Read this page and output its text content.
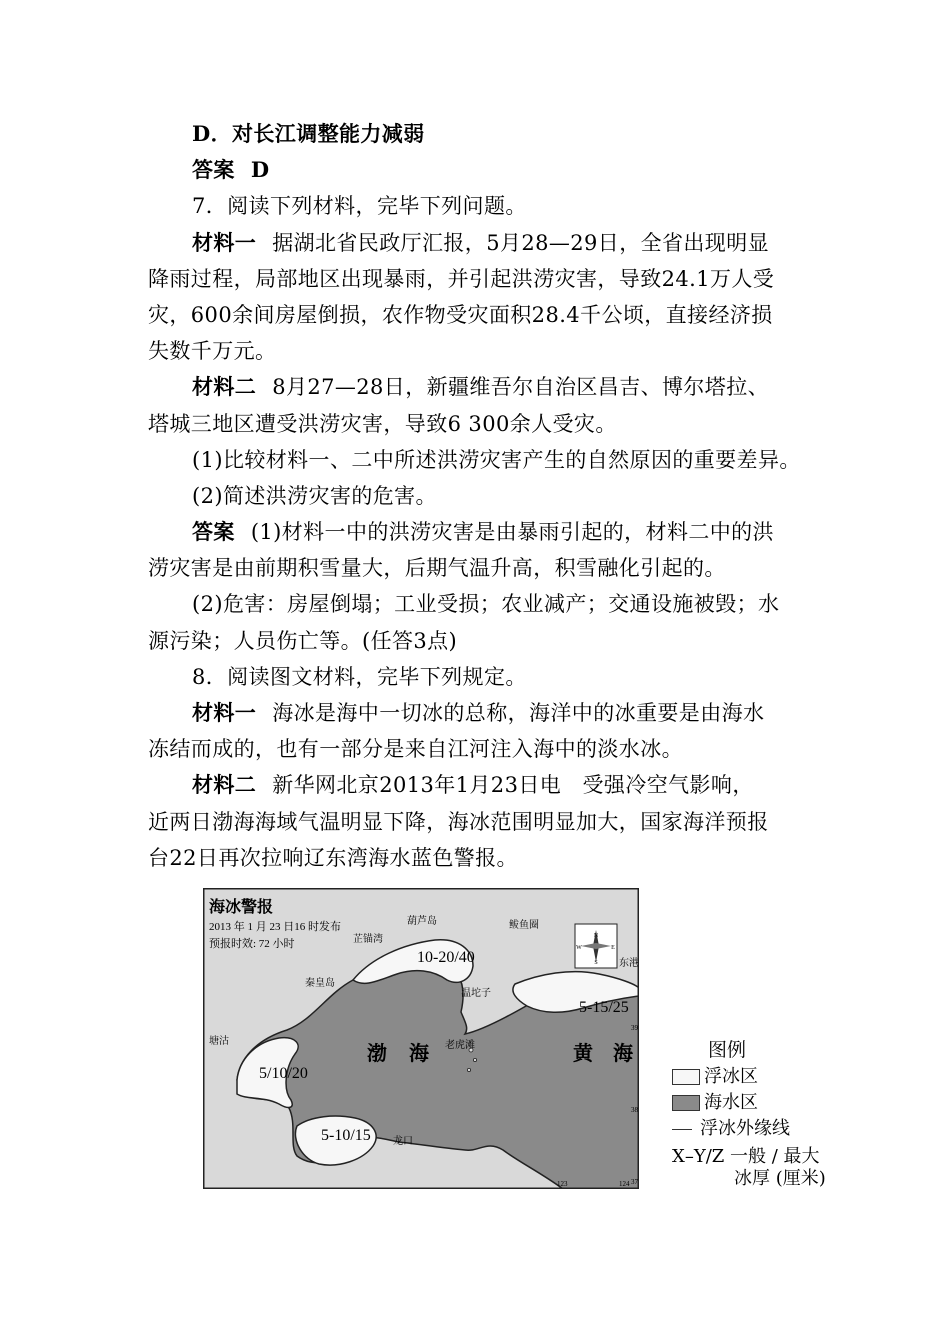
D．对长江调整能力减弱
答案 D
7．阅读下列材料，完毕下列问题。
材料一 据湖北省民政厅汇报，5月28—29日，全省出现明显
降雨过程，局部地区出现暴雨，并引起洪涝灾害，导致24.1万人受
灾，600余间房屋倒损，农作物受灾面积28.4千公顷，直接经济损
失数千万元。
材料二 8月27—28日，新疆维吾尔自治区昌吉、博尔塔拉、
塔城三地区遭受洪涝灾害，导致6 300余人受灾。
(1)比较材料一、二中所述洪涝灾害产生的自然原因的重要差异。
(2)简述洪涝灾害的危害。
答案 (1)材料一中的洪涝灾害是由暴雨引起的，材料二中的洪
涝灾害是由前期积雪量大，后期气温升高，积雪融化引起的。
(2)危害：房屋倒塌；工业受损；农业减产；交通设施被毁；水
源污染；人员伤亡等。(任答3点)
8．阅读图文材料，完毕下列规定。
材料一 海冰是海中一切冰的总称，海洋中的冰重要是由海水
冻结而成的，也有一部分是来自江河注入海中的淡水冰。
材料二 新华网北京2013年1月23日电　受强冷空气影响，
近两日渤海海域气温明显下降，海冰范围明显加大，国家海洋预报
台22日再次拉响辽东湾海水蓝色警报。
N
S
W	E
海冰警报
2013 年 1 月 23 日16 时发布
预报时效: 72 小时
葫芦岛
芷锚湾
鲅鱼圈
秦皇岛
塘沽
温坨子
老虎滩
龙口
东港
渤 海	黄 海
10-20/40
5/10/20
5-10/15
5-15/25
39
38
37
123	124
图例
浮冰区
海水区
浮冰外缘线
X–Y/Z 一般 / 最大
冰厚 (厘米)
